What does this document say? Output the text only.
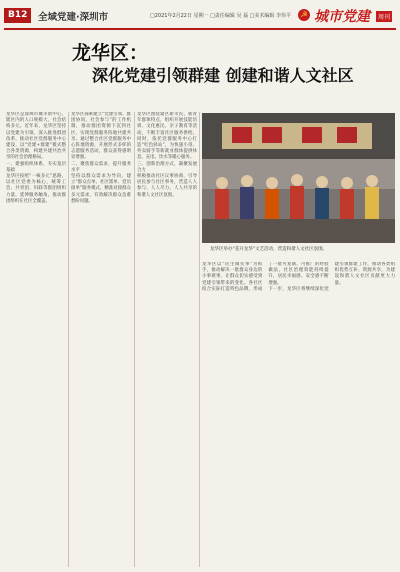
B12	全域党建·深圳市	□2021年2月22日 星期一 □责任编辑 吴 磊 □美术编辑 李伟平	☭ 城市党建	周刊
龙华区：
深化党建引领群建 创建和谐人文社区
龙华区是深圳市城市新中心，辖区内的人口规模大，社会结构多元。近年来，龙华区坚持以党建为引领，深入推进群团改革，推动社区党群服务中心建设，以“党建+群建”模式整合各类资源，构建共建共治共享的社会治理格局。
一、建强组织体系，夯实基层基础
龙华区按照“一核多元”思路，以社区党委为核心，统筹工会、共青团、妇联等群团组织力量，延伸服务触角，推动群团组织在社区全覆盖。
龙华区探索建立“党建引领、群团协同、社会参与”的工作机制，推动群团资源下沉到社区，实现党群服务阵地共建共享。通过整合社区党群服务中心阵地资源，开展形式多样的志愿服务活动，群众获得感明显增强。
二、聚焦群众需求，提升服务水平
坚持以群众需求为导向，建立“群众点单、社区派单、党员接单”服务模式，精准对接群众多元需求，有效解决群众急难愁盼问题。
龙华区围绕辖区新市民、新青年群体特点，组织开展技能培训、文化惠民、亲子教育等活动，不断丰富社区服务供给。同时，依托党群服务中心打造“红色驿站”，为快递小哥、外卖骑手等新就业群体提供休息、充电、饮水等暖心服务。
三、创新治理方式，凝聚发展合力
积极推动社区议事协商，引导居民参与社区事务，营造人人参与、人人尽力、人人共享的和谐人文社区氛围。
龙华区举办“花开龙华”文艺活动，营造和谐人文社区氛围。
龙华区以“民生微实事”为抓手，推动解决一批群众身边的小事难事，让群众切实感受到党建引领带来的变化。各社区结合实际打造特色品牌，形成了一批可复制、可推广的经验做法，社区治理效能持续提升，居民幸福感、安全感不断增强。
下一步，龙华区将继续深化党建引领群建工作，推动各类组织优势互补、资源共享，为建设和谐人文社区贡献更大力量。
